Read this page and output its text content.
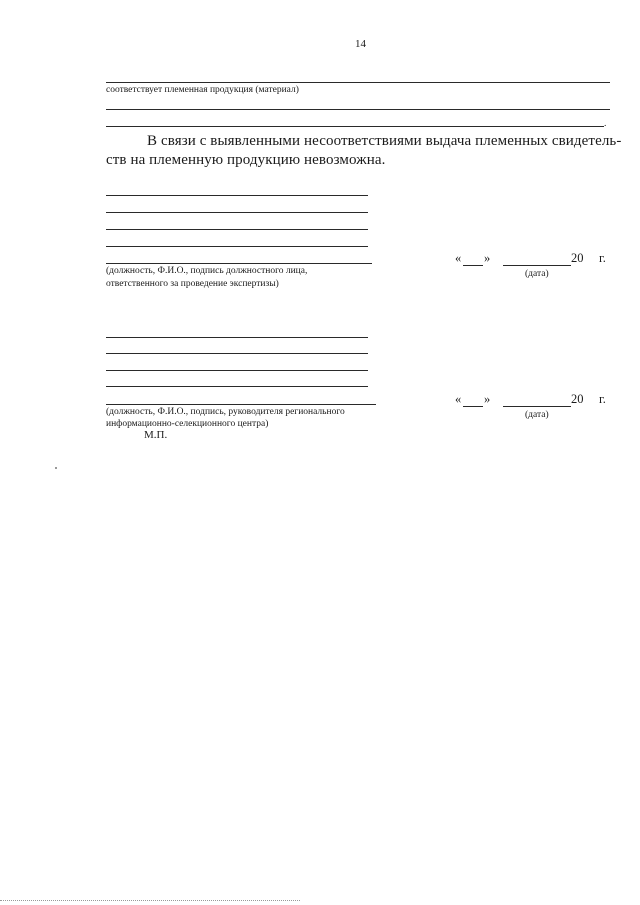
14
соответствует племенная продукция (материал)
.
В связи с выявленными несоответствиями выдача племенных свидетель-
ств на племенную продукцию невозможна.
(должность, Ф.И.О., подпись должностного лица,
ответственного за проведение экспертизы)
« »	20 г.
(дата)
(должность, Ф.И.О., подпись, руководителя регионального
информационно-селекционного центра)
М.П.
« »	20 г.
(дата)
